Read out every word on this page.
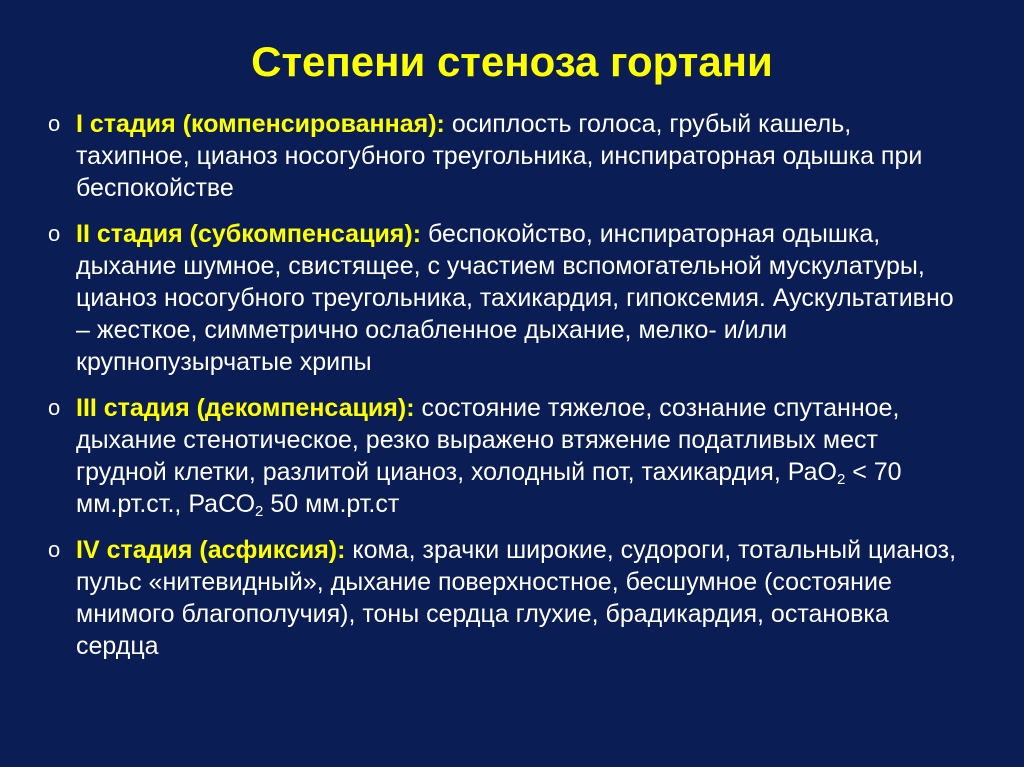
Степени стеноза гортани
o I стадия (компенсированная): осиплость голоса, грубый кашель, тахипное, цианоз носогубного треугольника, инспираторная одышка при беспокойстве
o II стадия (субкомпенсация): беспокойство, инспираторная одышка, дыхание шумное, свистящее, с участием вспомогательной мускулатуры, цианоз носогубного треугольника, тахикардия, гипоксемия. Аускультативно – жесткое, симметрично ослабленное дыхание, мелко- и/или крупнопузырчатые хрипы
o III стадия (декомпенсация): состояние тяжелое, сознание спутанное, дыхание стенотическое, резко выражено втяжение податливых мест грудной клетки, разлитой цианоз, холодный пот, тахикардия, РаО$_2$ < 70 мм.рт.ст., РаСО$_2$ 50 мм.рт.ст
o IV стадия (асфиксия): кома, зрачки широкие, судороги, тотальный цианоз, пульс «нитевидный», дыхание поверхностное, бесшумное (состояние мнимого благополучия), тоны сердца глухие, брадикардия, остановка сердца
